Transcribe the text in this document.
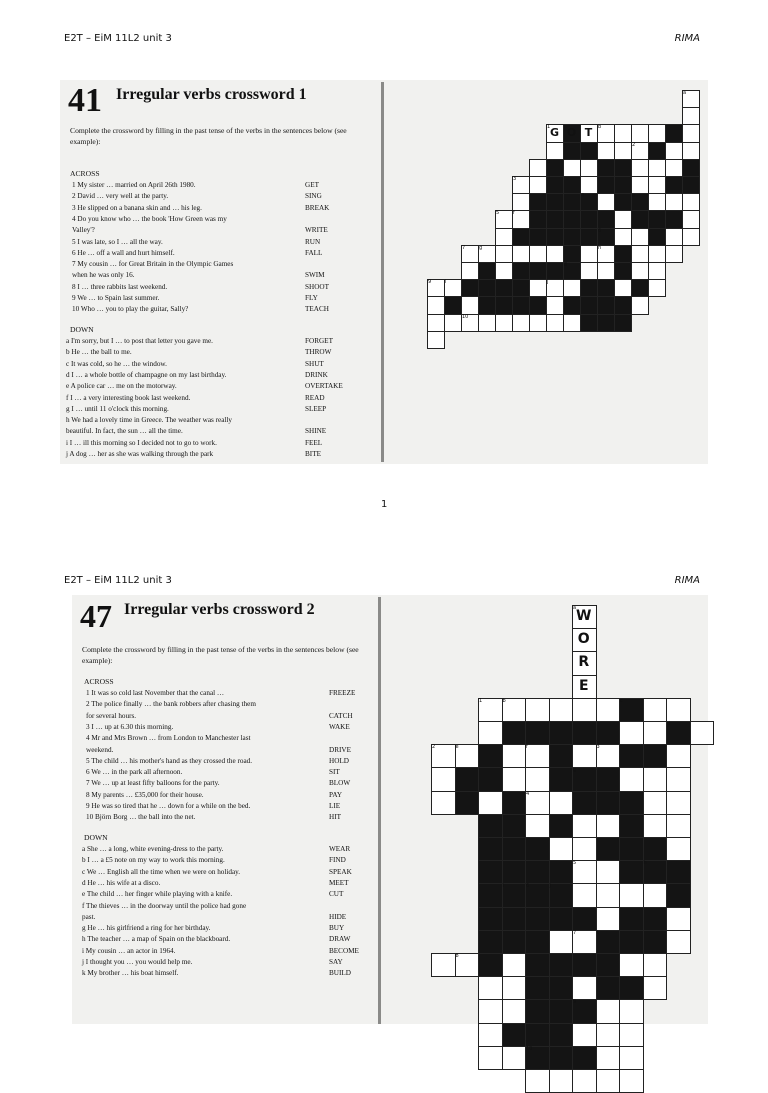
E2T – EiM 11L2 unit 3	RIMA
41 Irregular verbs crossword 1
Complete the crossword by filling in the past tense of the verbs in the sentences below (see example):
ACROSS
1 My sister … married on April 26th 1980.	GET
2 David … very well at the party.	SING
3 He slipped on a banana skin and … his leg.	BREAK
4 Do you know who … the book 'How Green was my
Valley'?	WRITE
5 I was late, so I … all the way.	RUN
6 He … off a wall and hurt himself.	FALL
7 My cousin … for Great Britain in the Olympic Games
when he was only 16.	SWIM
8 I … three rabbits last weekend.	SHOOT
9 We … to Spain last summer.	FLY
10 Who … you to play the guitar, Sally?	TEACH
DOWN
a I'm sorry, but I … to post that letter you gave me.	FORGET
b He … the ball to me.	THROW
c It was cold, so he … the window.	SHUT
d I … a whole bottle of champagne on my last birthday.	DRINK
e A police car … me on the motorway.	OVERTAKE
f I … a very interesting book last weekend.	READ
g I … until 11 o'clock this morning.	SLEEP
h We had a lovely time in Greece. The weather was really
beautiful. In fact, the sun … all the time.	SHINE
i I … ill this morning so I decided not to go to work.	FEEL
j A dog … her as she was walking through the park	BITE
a
1	b
2	c
d
3
4	e
5	f
6
7	g	h
8
9	i	j
10
G O T
1
E2T – EiM 11L2 unit 3	RIMA
47 Irregular verbs crossword 2
Complete the crossword by filling in the past tense of the verbs in the sentences below (see example):
ACROSS
1 It was so cold last November that the canal …	FREEZE
2 The police finally … the bank robbers after chasing them
for several hours.	CATCH
3 I … up at 6.30 this morning.	WAKE
4 Mr and Mrs Brown … from London to Manchester last
weekend.	DRIVE
5 The child … his mother's hand as they crossed the road.	HOLD
6 We … in the park all afternoon.	SIT
7 We … up at least fifty balloons for the party.	BLOW
8 My parents … £35,000 for their house.	PAY
9 He was so tired that he … down for a while on the bed.	LIE
10 Björn Borg … the ball into the net.	HIT
DOWN
a She … a long, white evening-dress to the party.	WEAR
b I … a £5 note on my way to work this morning.	FIND
c We … English all the time when we were on holiday.	SPEAK
d He … his wife at a disco.	MEET
e The child … her finger while playing with a knife.	CUT
f The thieves … in the doorway until the police had gone
past.	HIDE
g He … his girlfriend a ring for her birthday.	BUY
h The teacher … a map of Spain on the blackboard.	DRAW
i My cousin … an actor in 1964.	BECOME
j I thought you … you would help me.	SAY
k My brother … his boat himself.	BUILD
a
1	b	c
d
2	e	f	3
g
4
5	h
i	6	j
7	k
8
9
10
W
O
R
E
